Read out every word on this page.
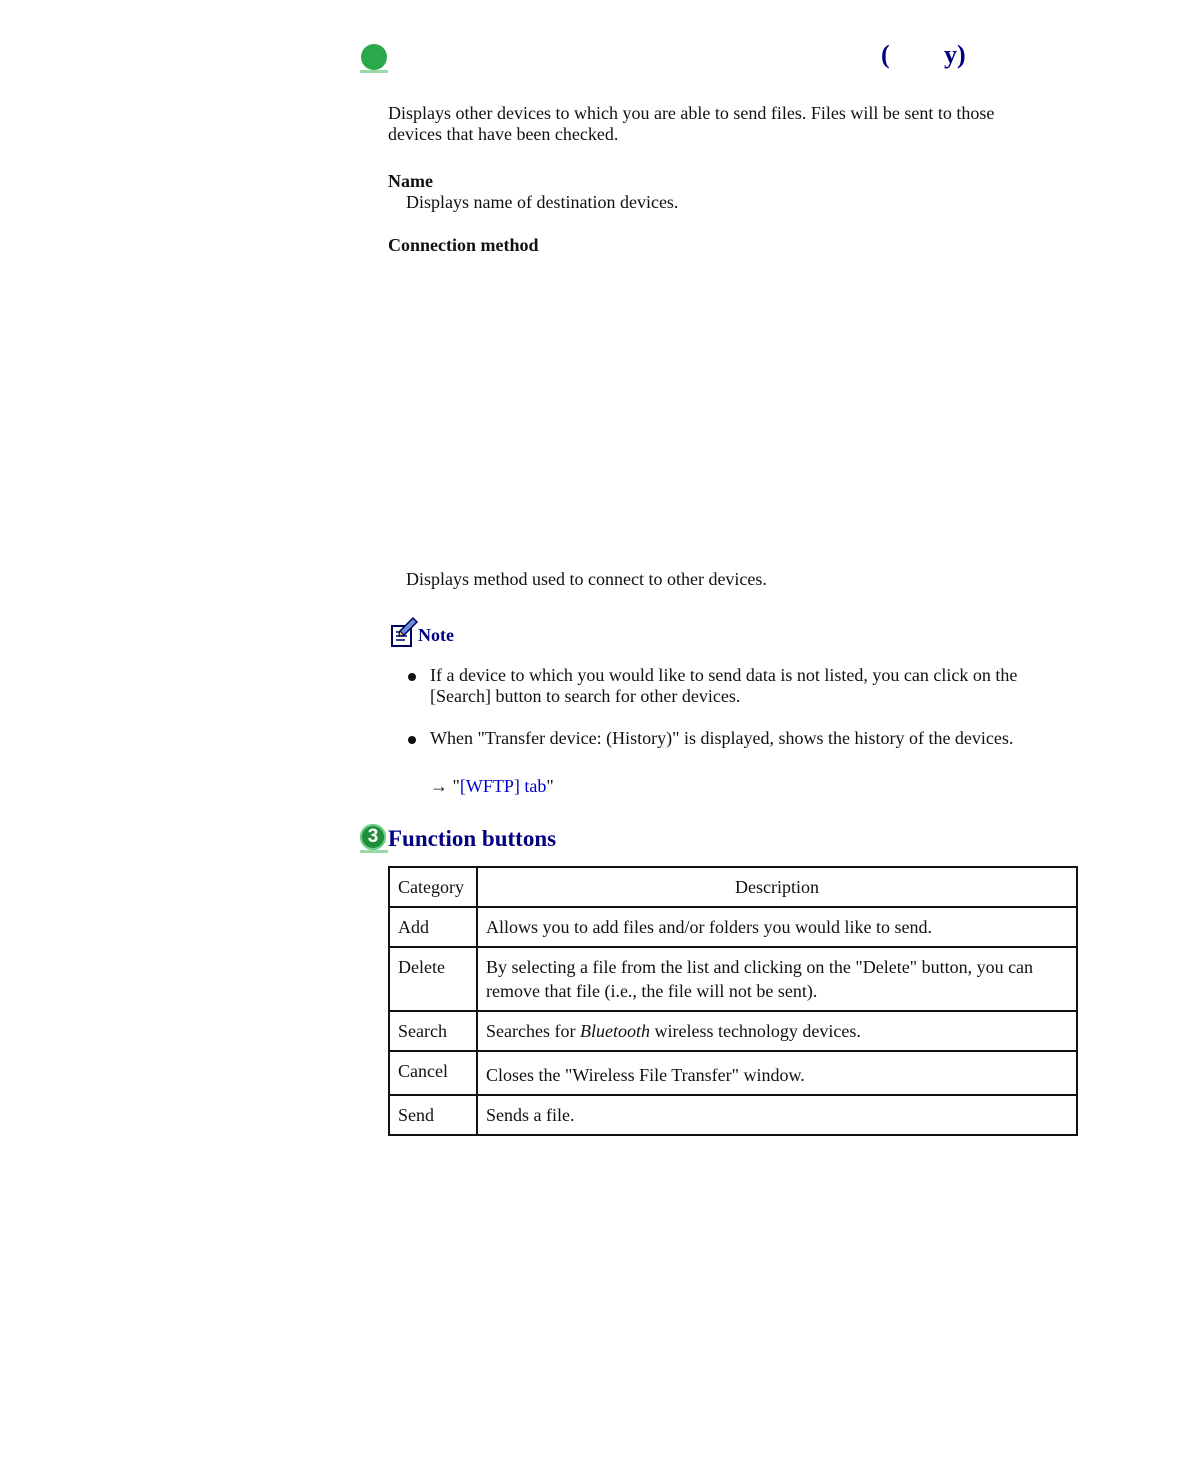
( y)
Displays other devices to which you are able to send files. Files will be sent to those devices that have been checked.
Name
Displays name of destination devices.
Connection method
Displays method used to connect to other devices.
Note
If a device to which you would like to send data is not listed, you can click on the [Search] button to search for other devices.
When "Transfer device: (History)" is displayed, shows the history of the devices.
→ "[WFTP] tab"
3 Function buttons
Category	Description
Add	Allows you to add files and/or folders you would like to send.
Delete	By selecting a file from the list and clicking on the "Delete" button, you can remove that file (i.e., the file will not be sent).
Search	Searches for Bluetooth wireless technology devices.
Cancel	Closes the "Wireless File Transfer" window.
Send	Sends a file.
